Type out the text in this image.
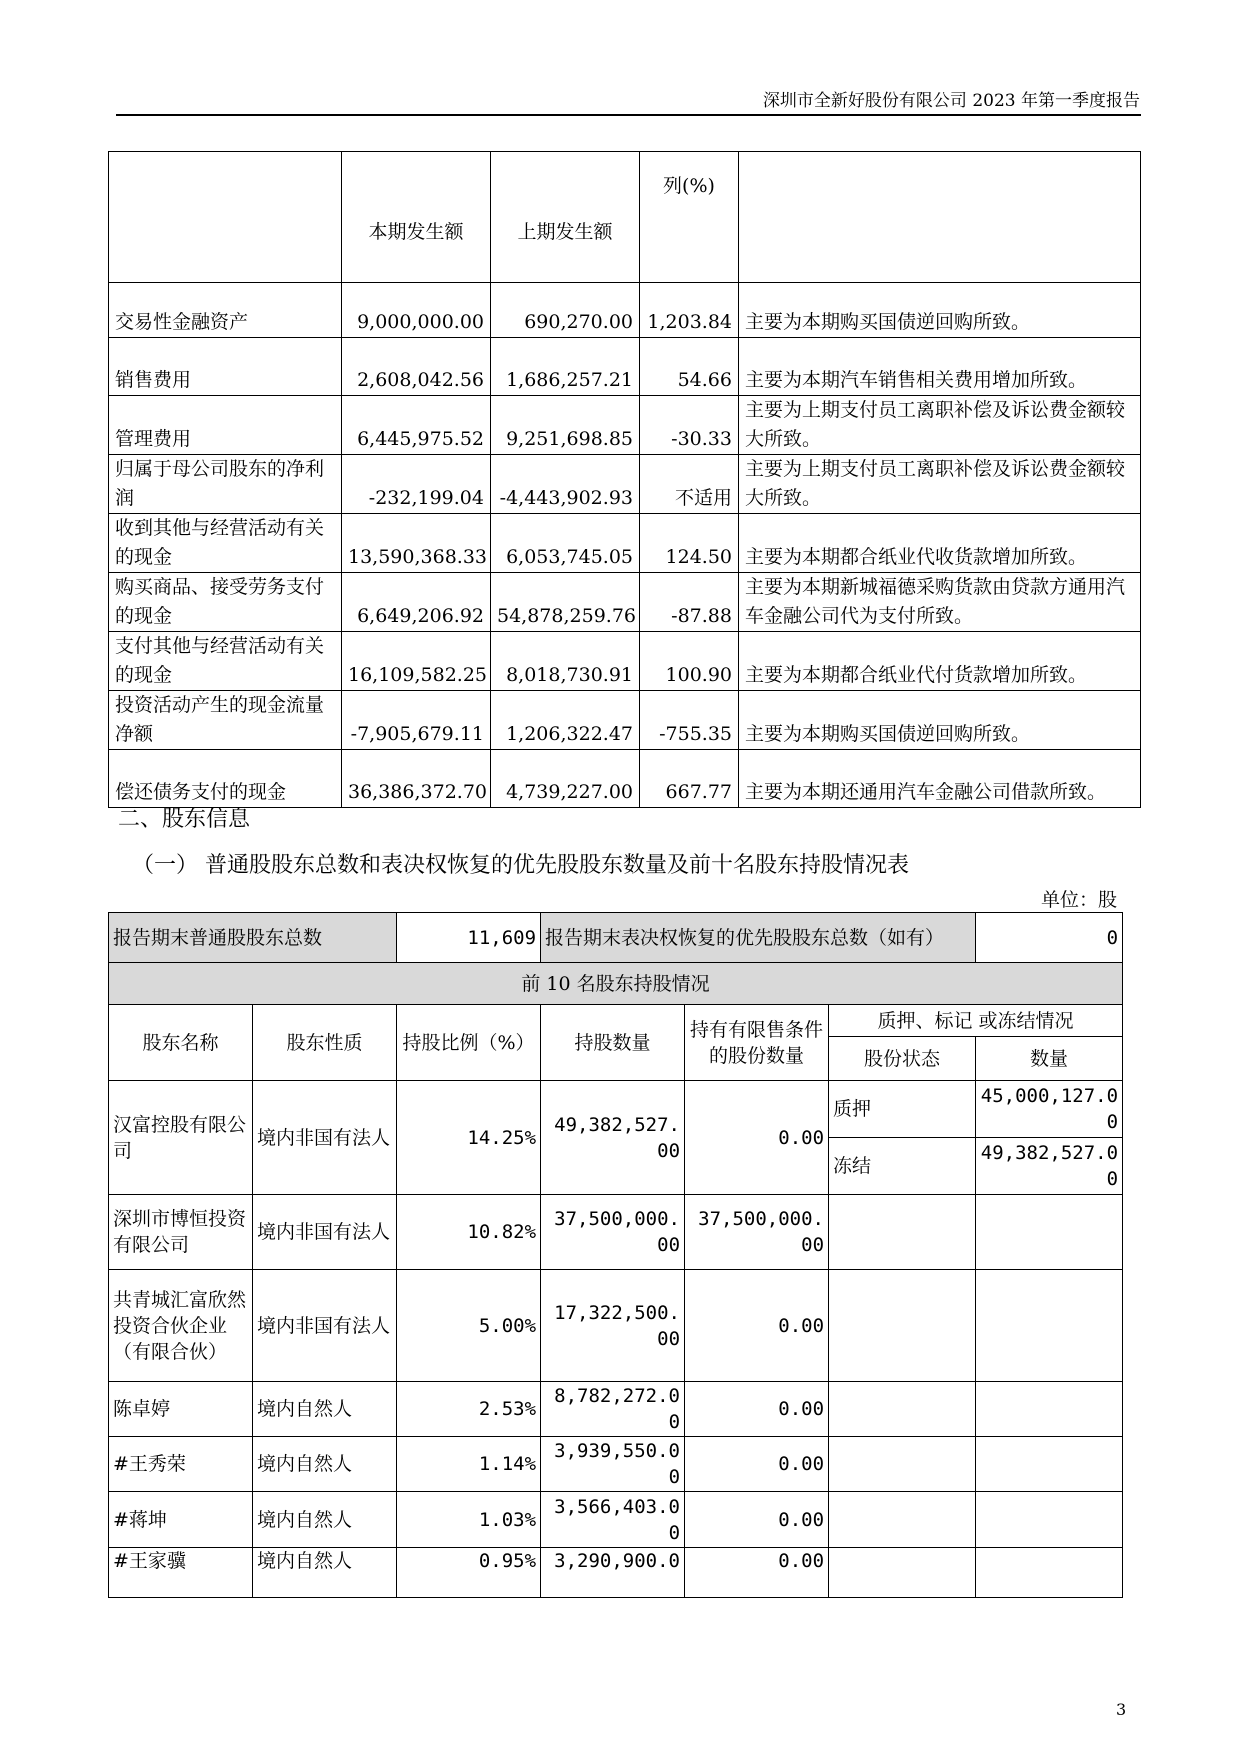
深圳市全新好股份有限公司 2023 年第一季度报告
	本期发生额	上期发生额	列(%)	
交易性金融资产	9,000,000.00	690,270.00	1,203.84	主要为本期购买国债逆回购所致。
销售费用	2,608,042.56	1,686,257.21	54.66	主要为本期汽车销售相关费用增加所致。
管理费用	6,445,975.52	9,251,698.85	-30.33	主要为上期支付员工离职补偿及诉讼费金额较大所致。
归属于母公司股东的净利润	-232,199.04	-4,443,902.93	不适用	主要为上期支付员工离职补偿及诉讼费金额较大所致。
收到其他与经营活动有关的现金	13,590,368.33	6,053,745.05	124.50	主要为本期都合纸业代收货款增加所致。
购买商品、接受劳务支付的现金	6,649,206.92	54,878,259.76	-87.88	主要为本期新城福德采购货款由贷款方通用汽车金融公司代为支付所致。
支付其他与经营活动有关的现金	16,109,582.25	8,018,730.91	100.90	主要为本期都合纸业代付货款增加所致。
投资活动产生的现金流量净额	-7,905,679.11	1,206,322.47	-755.35	主要为本期购买国债逆回购所致。
偿还债务支付的现金	36,386,372.70	4,739,227.00	667.77	主要为本期还通用汽车金融公司借款所致。
二、股东信息
（一） 普通股股东总数和表决权恢复的优先股股东数量及前十名股东持股情况表
单位：股
报告期末普通股股东总数		11,609	报告期末表决权恢复的优先股股东总数（如有）			0
前 10 名股东持股情况						
股东名称	股东性质	持股比例（%）	持股数量	持有有限售条件的股份数量	质押、标记 或冻结情况	
					股份状态	数量
汉富控股有限公司	境内非国有法人	14.25%	49,382,527.00	0.00	质押	45,000,127.00
					冻结	49,382,527.00
深圳市博恒投资有限公司	境内非国有法人	10.82%	37,500,000.00	37,500,000.00		
共青城汇富欣然投资合伙企业（有限合伙）	境内非国有法人	5.00%	17,322,500.00	0.00		
陈卓婷	境内自然人	2.53%	8,782,272.00	0.00		
#王秀荣	境内自然人	1.14%	3,939,550.00	0.00		
#蒋坤	境内自然人	1.03%	3,566,403.00	0.00		
#王家骥	境内自然人	0.95%	3,290,900.0	0.00		
3
